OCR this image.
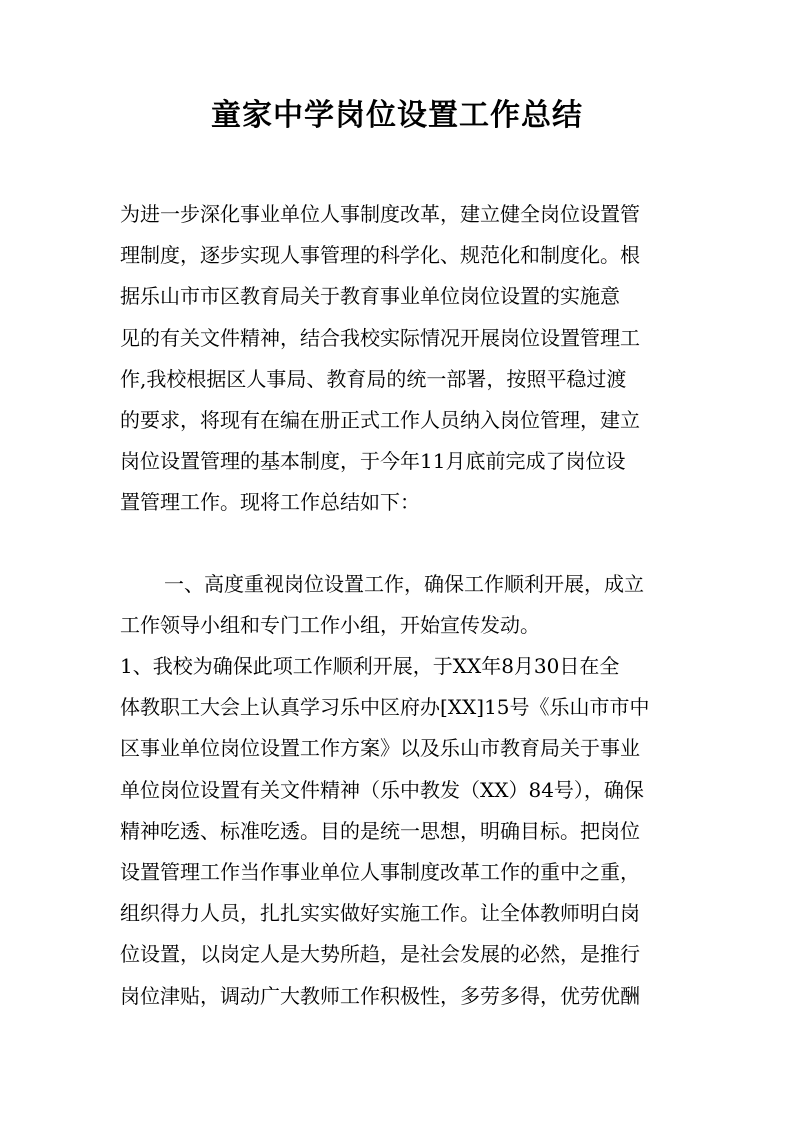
童家中学岗位设置工作总结
为进一步深化事业单位人事制度改革，建立健全岗位设置管
理制度，逐步实现人事管理的科学化、规范化和制度化。根
据乐山市市区教育局关于教育事业单位岗位设置的实施意
见的有关文件精神，结合我校实际情况开展岗位设置管理工
作,我校根据区人事局、教育局的统一部署，按照平稳过渡
的要求，将现有在编在册正式工作人员纳入岗位管理，建立
岗位设置管理的基本制度，于今年11月底前完成了岗位设
置管理工作。现将工作总结如下：
一、高度重视岗位设置工作，确保工作顺利开展，成立
工作领导小组和专门工作小组，开始宣传发动。
1、我校为确保此项工作顺利开展，于XX年8月30日在全
体教职工大会上认真学习乐中区府办[XX]15号《乐山市市中
区事业单位岗位设置工作方案》以及乐山市教育局关于事业
单位岗位设置有关文件精神（乐中教发（XX）84号），确保
精神吃透、标准吃透。目的是统一思想，明确目标。把岗位
设置管理工作当作事业单位人事制度改革工作的重中之重，
组织得力人员，扎扎实实做好实施工作。让全体教师明白岗
位设置，以岗定人是大势所趋，是社会发展的必然，是推行
岗位津贴，调动广大教师工作积极性，多劳多得，优劳优酬
